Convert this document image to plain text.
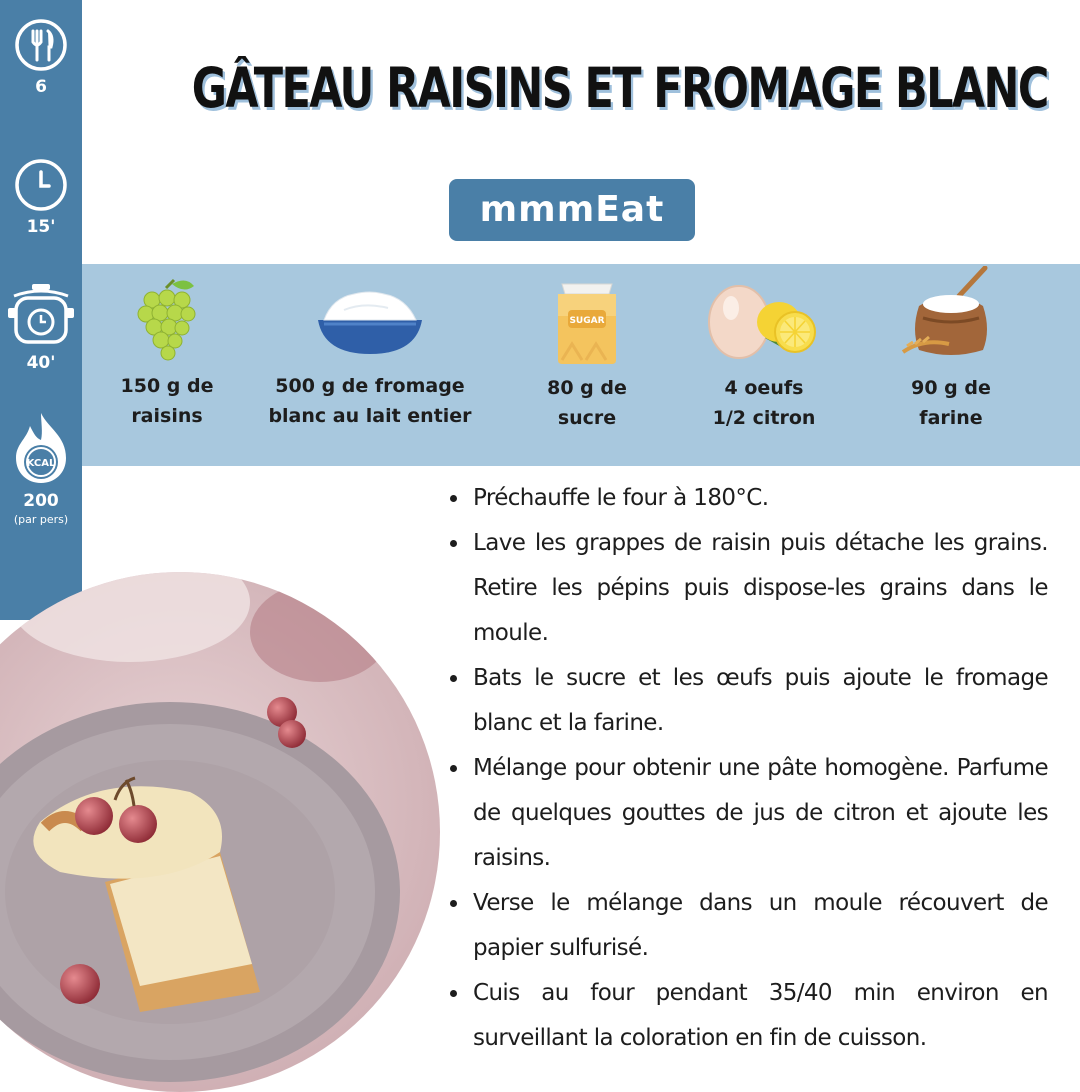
6
15'
40'
KCAL
200
(par pers)
GÂTEAU RAISINS ET FROMAGE BLANC
mmmEat
150 g de
raisins
500 g de fromage
blanc au lait entier
SUGAR
80 g de
sucre
4 oeufs
1/2 citron
90 g de
farine
Préchauffe le four à 180°C.
Lave les grappes de raisin puis détache les grains. Retire les pépins puis dispose-les grains dans le moule.
Bats le sucre et les œufs puis ajoute le fromage blanc et la farine.
Mélange pour obtenir une pâte homogène. Parfume de quelques gouttes de jus de citron et ajoute les raisins.
Verse le mélange dans un moule récouvert de papier sulfurisé.
Cuis au four pendant 35/40 min environ en surveillant la coloration en fin de cuisson.
